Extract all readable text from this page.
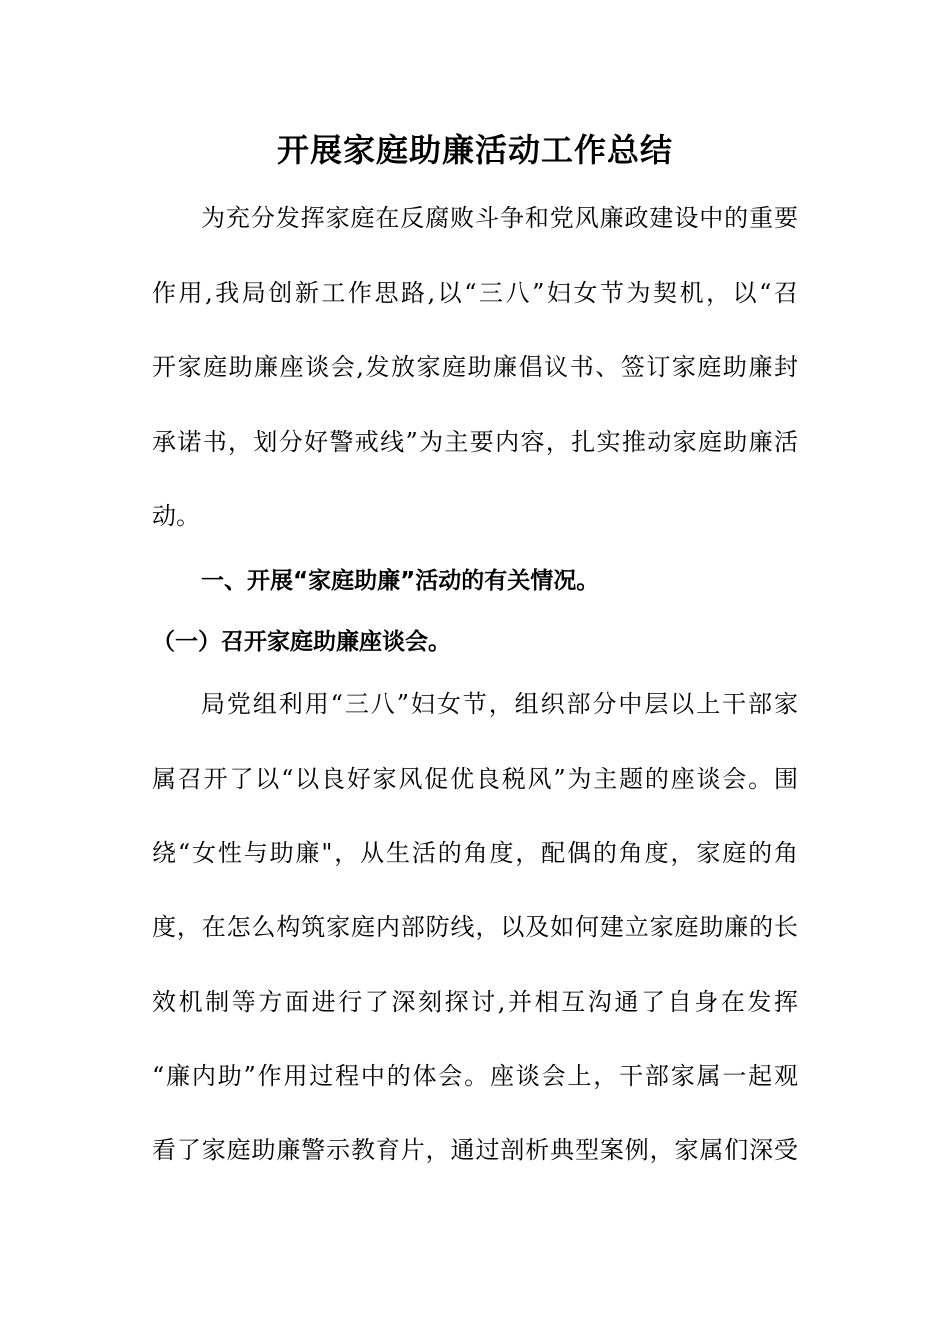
开展家庭助廉活动工作总结
为充分发挥家庭在反腐败斗争和党风廉政建设中的重要
作用,我局创新工作思路,以“三八”妇女节为契机，以“召
开家庭助廉座谈会,发放家庭助廉倡议书、签订家庭助廉封
承诺书，划分好警戒线”为主要内容，扎实推动家庭助廉活
动。
一、开展“家庭助廉”活动的有关情况。
（一）召开家庭助廉座谈会。
局党组利用“三八”妇女节，组织部分中层以上干部家
属召开了以“以良好家风促优良税风”为主题的座谈会。围
绕“女性与助廉"，从生活的角度，配偶的角度，家庭的角
度，在怎么构筑家庭内部防线，以及如何建立家庭助廉的长
效机制等方面进行了深刻探讨,并相互沟通了自身在发挥
“廉内助”作用过程中的体会。座谈会上，干部家属一起观
看了家庭助廉警示教育片，通过剖析典型案例，家属们深受
